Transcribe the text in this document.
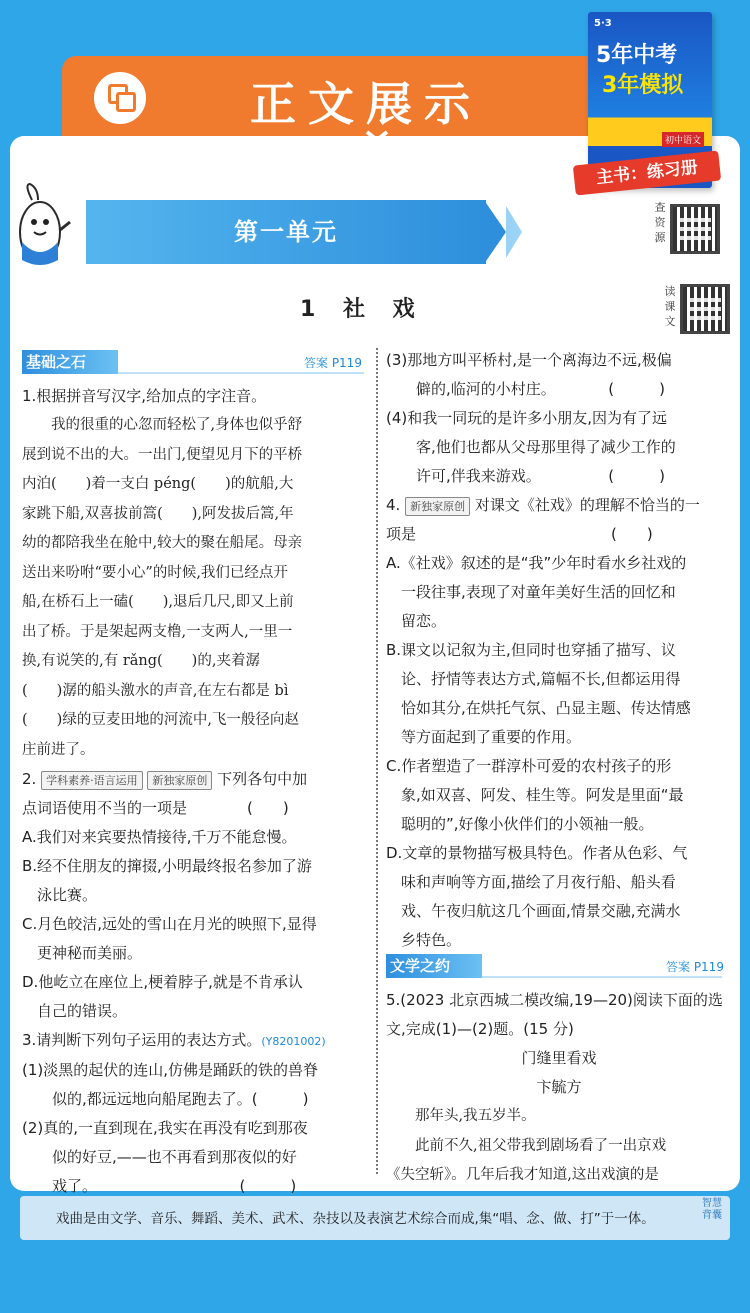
正文展示
5·3
5年中考
3年模拟
初中语文
主书：练习册
第一单元
查资源
读课文
1 社 戏
基础之石	答案 P119
1.根据拼音写汉字,给加点的字注音。
　　我的很重的心忽而轻松了,身体也似乎舒
展到说不出的大。一出门,便望见月下的平桥
内泊(　　)着一支白 péng(　　)的航船,大
家跳下船,双喜拔前篙(　　),阿发拔后篙,年
幼的都陪我坐在舱中,较大的聚在船尾。母亲
送出来吩咐“要小心”的时候,我们已经点开
船,在桥石上一磕(　　),退后几尺,即又上前
出了桥。于是架起两支橹,一支两人,一里一
换,有说笑的,有 rǎng(　　)的,夹着潺
(　　)潺的船头激水的声音,在左右都是 bì
(　　)绿的豆麦田地的河流中,飞一般径向赵
庄前进了。
2. 学科素养·语言运用 新独家原创 下列各句中加
点词语使用不当的一项是　　　　(　　)
A.我们对来宾要热情接待,千万不能怠慢。
B.经不住朋友的撺掇,小明最终报名参加了游
　泳比赛。
C.月色皎洁,远处的雪山在月光的映照下,显得
　更神秘而美丽。
D.他屹立在座位上,梗着脖子,就是不肯承认
　自己的错误。
3.请判断下列句子运用的表达方式。(Y8201002)
(1)淡黑的起伏的连山,仿佛是踊跃的铁的兽脊
　　似的,都远远地向船尾跑去了。(　　　)
(2)真的,一直到现在,我实在再没有吃到那夜
　　似的好豆,——也不再看到那夜似的好
　　戏了。　　　　　　　　　　(　　　)
(3)那地方叫平桥村,是一个离海边不远,极偏
　　僻的,临河的小村庄。　　　　(　　　)
(4)和我一同玩的是许多小朋友,因为有了远
　　客,他们也都从父母那里得了减少工作的
　　许可,伴我来游戏。　　　　　(　　　)
4. 新独家原创 对课文《社戏》的理解不恰当的一
项是　　　　　　　　　　　　　(　　)
A.《社戏》叙述的是“我”少年时看水乡社戏的
　一段往事,表现了对童年美好生活的回忆和
　留恋。
B.课文以记叙为主,但同时也穿插了描写、议
　论、抒情等表达方式,篇幅不长,但都运用得
　恰如其分,在烘托气氛、凸显主题、传达情感
　等方面起到了重要的作用。
C.作者塑造了一群淳朴可爱的农村孩子的形
　象,如双喜、阿发、桂生等。阿发是里面“最
　聪明的”,好像小伙伴们的小领袖一般。
D.文章的景物描写极具特色。作者从色彩、气
　味和声响等方面,描绘了月夜行船、船头看
　戏、午夜归航这几个画面,情景交融,充满水
　乡特色。
文学之约	答案 P119
5.(2023 北京西城二模改编,19—20)阅读下面的选
文,完成(1)—(2)题。(15 分)
门缝里看戏
卞毓方
　　那年头,我五岁半。
　　此前不久,祖父带我到剧场看了一出京戏
《失空斩》。几年后我才知道,这出戏演的是
戏曲是由文学、音乐、舞蹈、美术、武术、杂技以及表演艺术综合而成,集“唱、念、做、打”于一体。
智慧背囊
